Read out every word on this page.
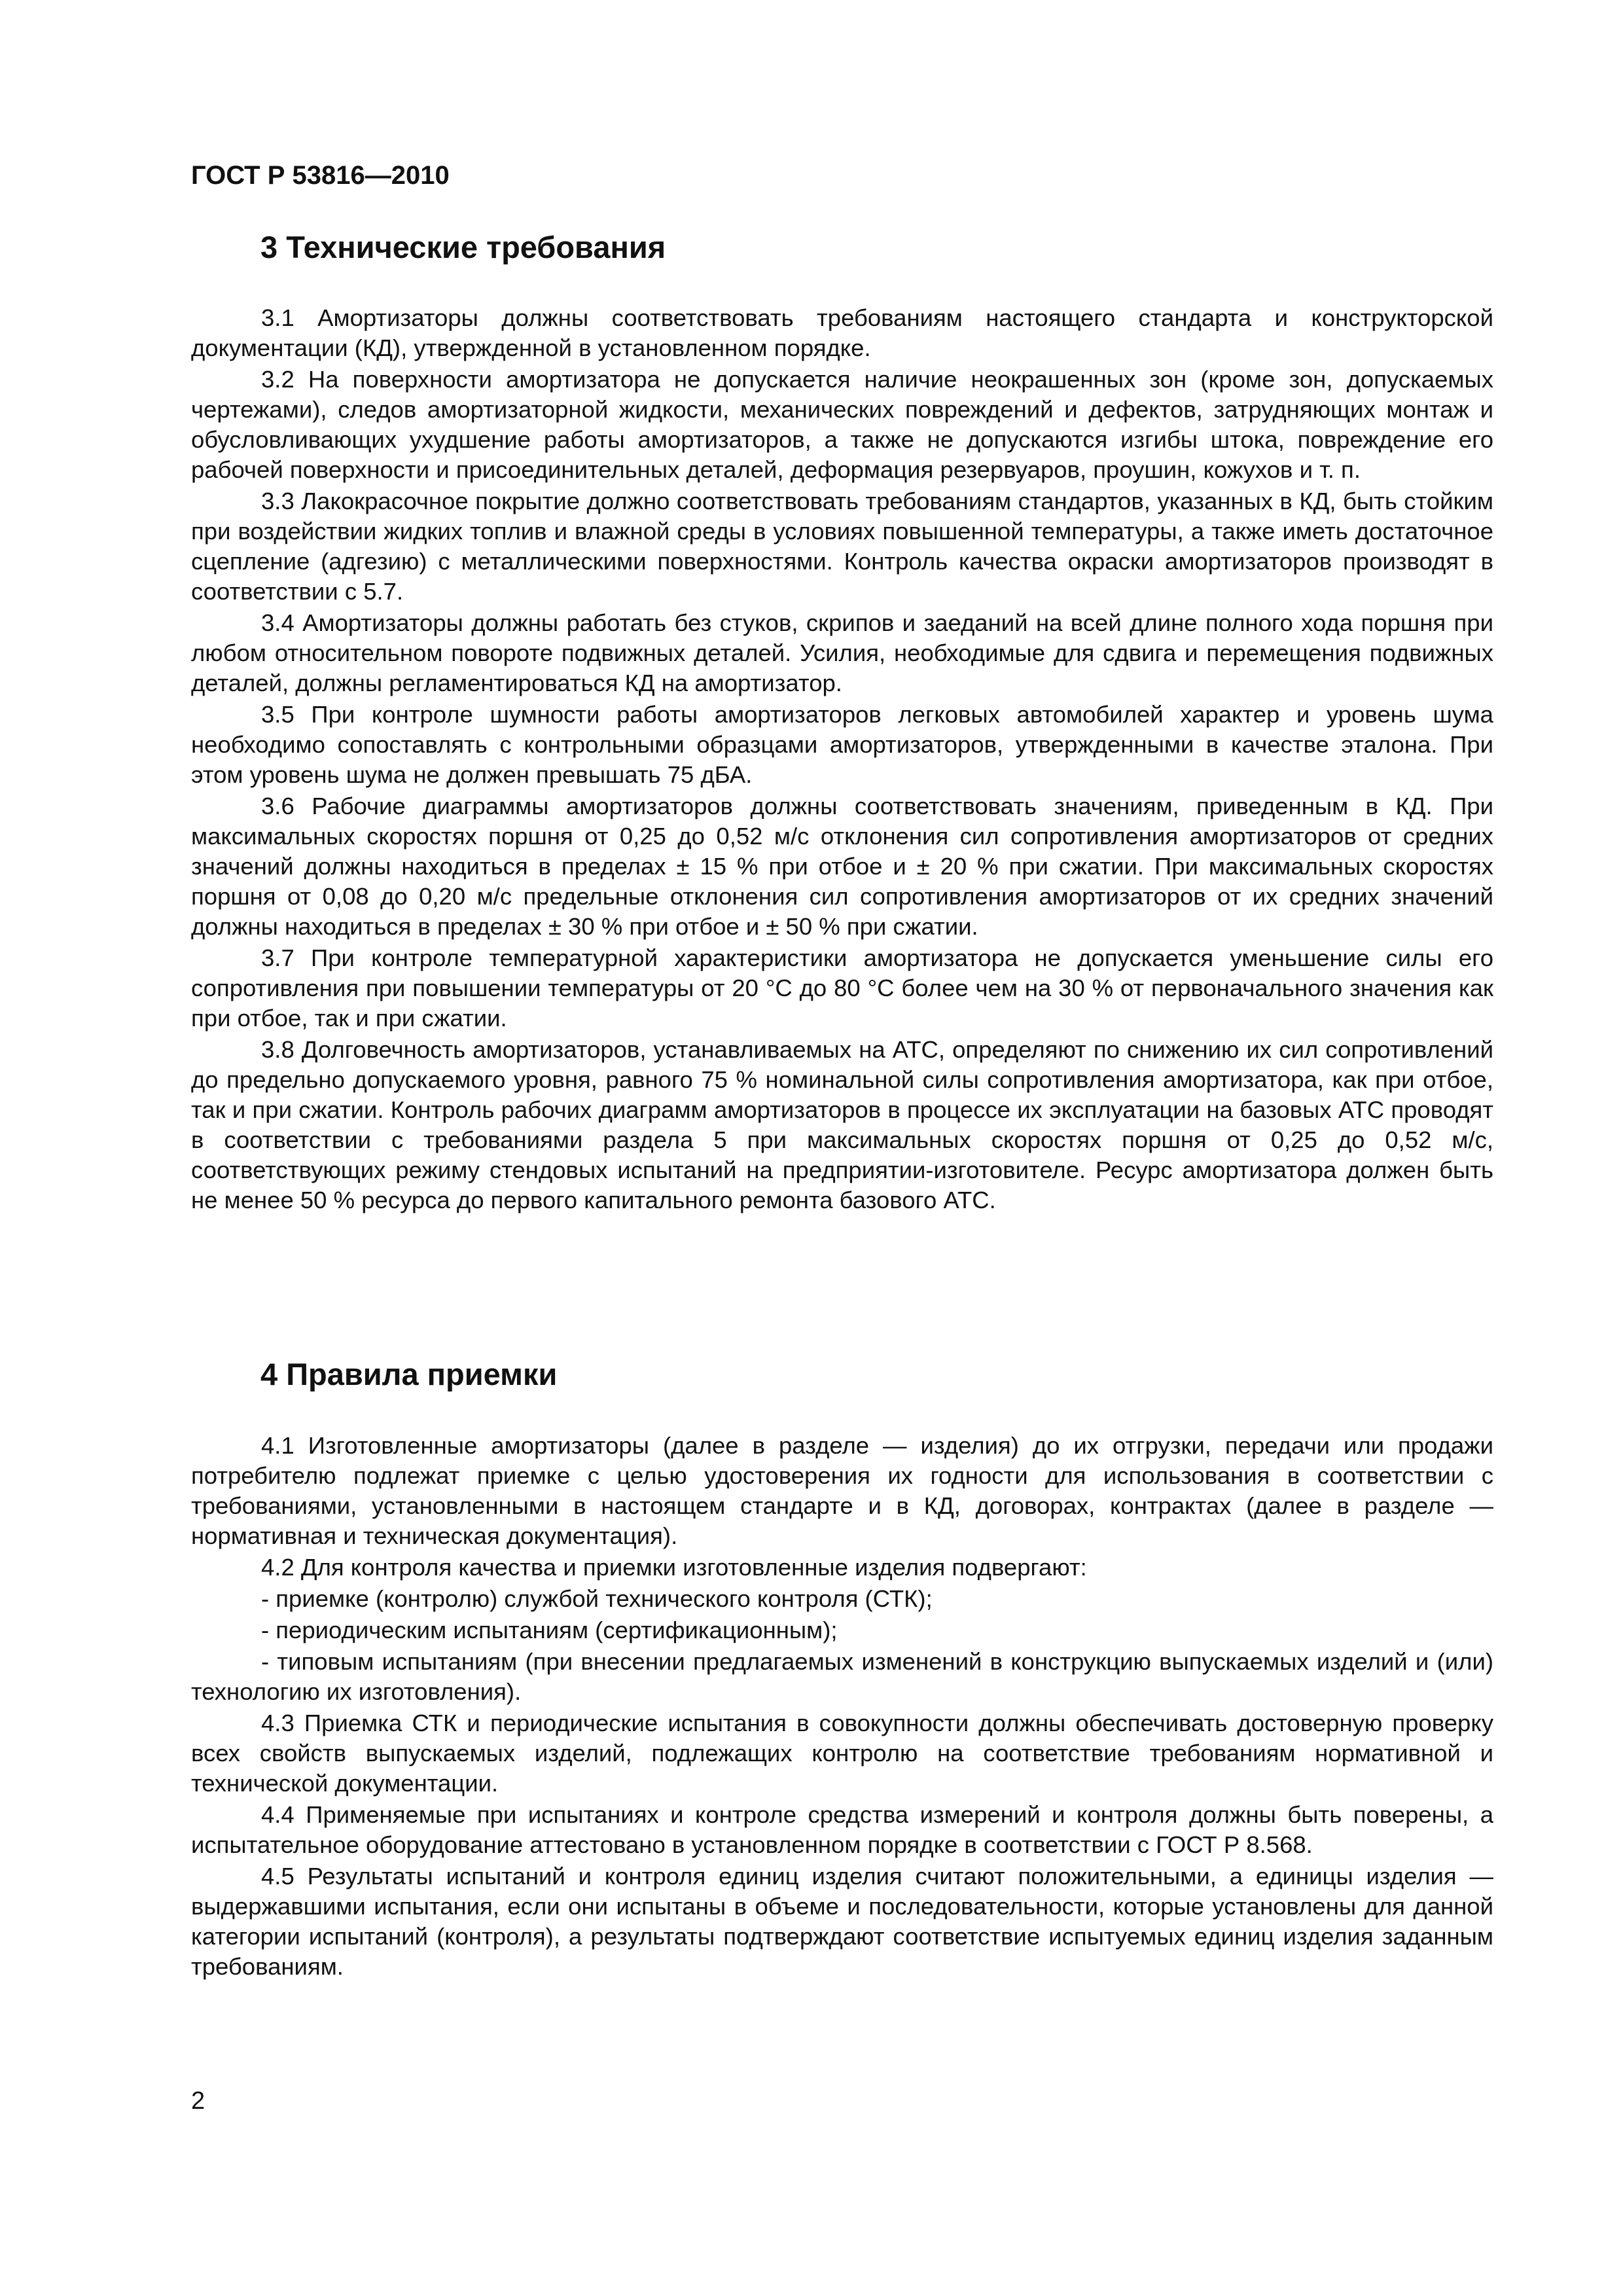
ГОСТ Р 53816—2010
3 Технические требования

3.1 Амортизаторы должны соответствовать требованиям настоящего стандарта и конструкторской документации (КД), утвержденной в установленном порядке.

3.2 На поверхности амортизатора не допускается наличие неокрашенных зон (кроме зон, допускаемых чертежами), следов амортизаторной жидкости, механических повреждений и дефектов, затрудняющих монтаж и обусловливающих ухудшение работы амортизаторов, а также не допускаются изгибы штока, повреждение его рабочей поверхности и присоединительных деталей, деформация резервуаров, проушин, кожухов и т. п.

3.3 Лакокрасочное покрытие должно соответствовать требованиям стандартов, указанных в КД, быть стойким при воздействии жидких топлив и влажной среды в условиях повышенной температуры, а также иметь достаточное сцепление (адгезию) с металлическими поверхностями. Контроль качества окраски амортизаторов производят в соответствии с 5.7.

3.4 Амортизаторы должны работать без стуков, скрипов и заеданий на всей длине полного хода поршня при любом относительном повороте подвижных деталей. Усилия, необходимые для сдвига и перемещения подвижных деталей, должны регламентироваться КД на амортизатор.

3.5 При контроле шумности работы амортизаторов легковых автомобилей характер и уровень шума необходимо сопоставлять с контрольными образцами амортизаторов, утвержденными в качестве эталона. При этом уровень шума не должен превышать 75 дБА.

3.6 Рабочие диаграммы амортизаторов должны соответствовать значениям, приведенным в КД. При максимальных скоростях поршня от 0,25 до 0,52 м/с отклонения сил сопротивления амортизаторов от средних значений должны находиться в пределах ± 15 % при отбое и ± 20 % при сжатии. При максимальных скоростях поршня от 0,08 до 0,20 м/с предельные отклонения сил сопротивления амортизаторов от их средних значений должны находиться в пределах ± 30 % при отбое и ± 50 % при сжатии.

3.7 При контроле температурной характеристики амортизатора не допускается уменьшение силы его сопротивления при повышении температуры от 20 °С до 80 °С более чем на 30 % от первоначального значения как при отбое, так и при сжатии.

3.8 Долговечность амортизаторов, устанавливаемых на АТС, определяют по снижению их сил сопротивлений до предельно допускаемого уровня, равного 75 % номинальной силы сопротивления амортизатора, как при отбое, так и при сжатии. Контроль рабочих диаграмм амортизаторов в процессе их эксплуатации на базовых АТС проводят в соответствии с требованиями раздела 5 при максимальных скоростях поршня от 0,25 до 0,52 м/с, соответствующих режиму стендовых испытаний на предприятии-изготовителе. Ресурс амортизатора должен быть не менее 50 % ресурса до первого капитального ремонта базового АТС.

4 Правила приемки

4.1 Изготовленные амортизаторы (далее в разделе — изделия) до их отгрузки, передачи или продажи потребителю подлежат приемке с целью удостоверения их годности для использования в соответствии с требованиями, установленными в настоящем стандарте и в КД, договорах, контрактах (далее в разделе — нормативная и техническая документация).

4.2 Для контроля качества и приемки изготовленные изделия подвергают:

- приемке (контролю) службой технического контроля (СТК);

- периодическим испытаниям (сертификационным);

- типовым испытаниям (при внесении предлагаемых изменений в конструкцию выпускаемых изделий и (или) технологию их изготовления).

4.3 Приемка СТК и периодические испытания в совокупности должны обеспечивать достоверную проверку всех свойств выпускаемых изделий, подлежащих контролю на соответствие требованиям нормативной и технической документации.

4.4 Применяемые при испытаниях и контроле средства измерений и контроля должны быть поверены, а испытательное оборудование аттестовано в установленном порядке в соответствии с ГОСТ Р 8.568.

4.5 Результаты испытаний и контроля единиц изделия считают положительными, а единицы изделия — выдержавшими испытания, если они испытаны в объеме и последовательности, которые установлены для данной категории испытаний (контроля), а результаты подтверждают соответствие испытуемых единиц изделия заданным требованиям.

2
